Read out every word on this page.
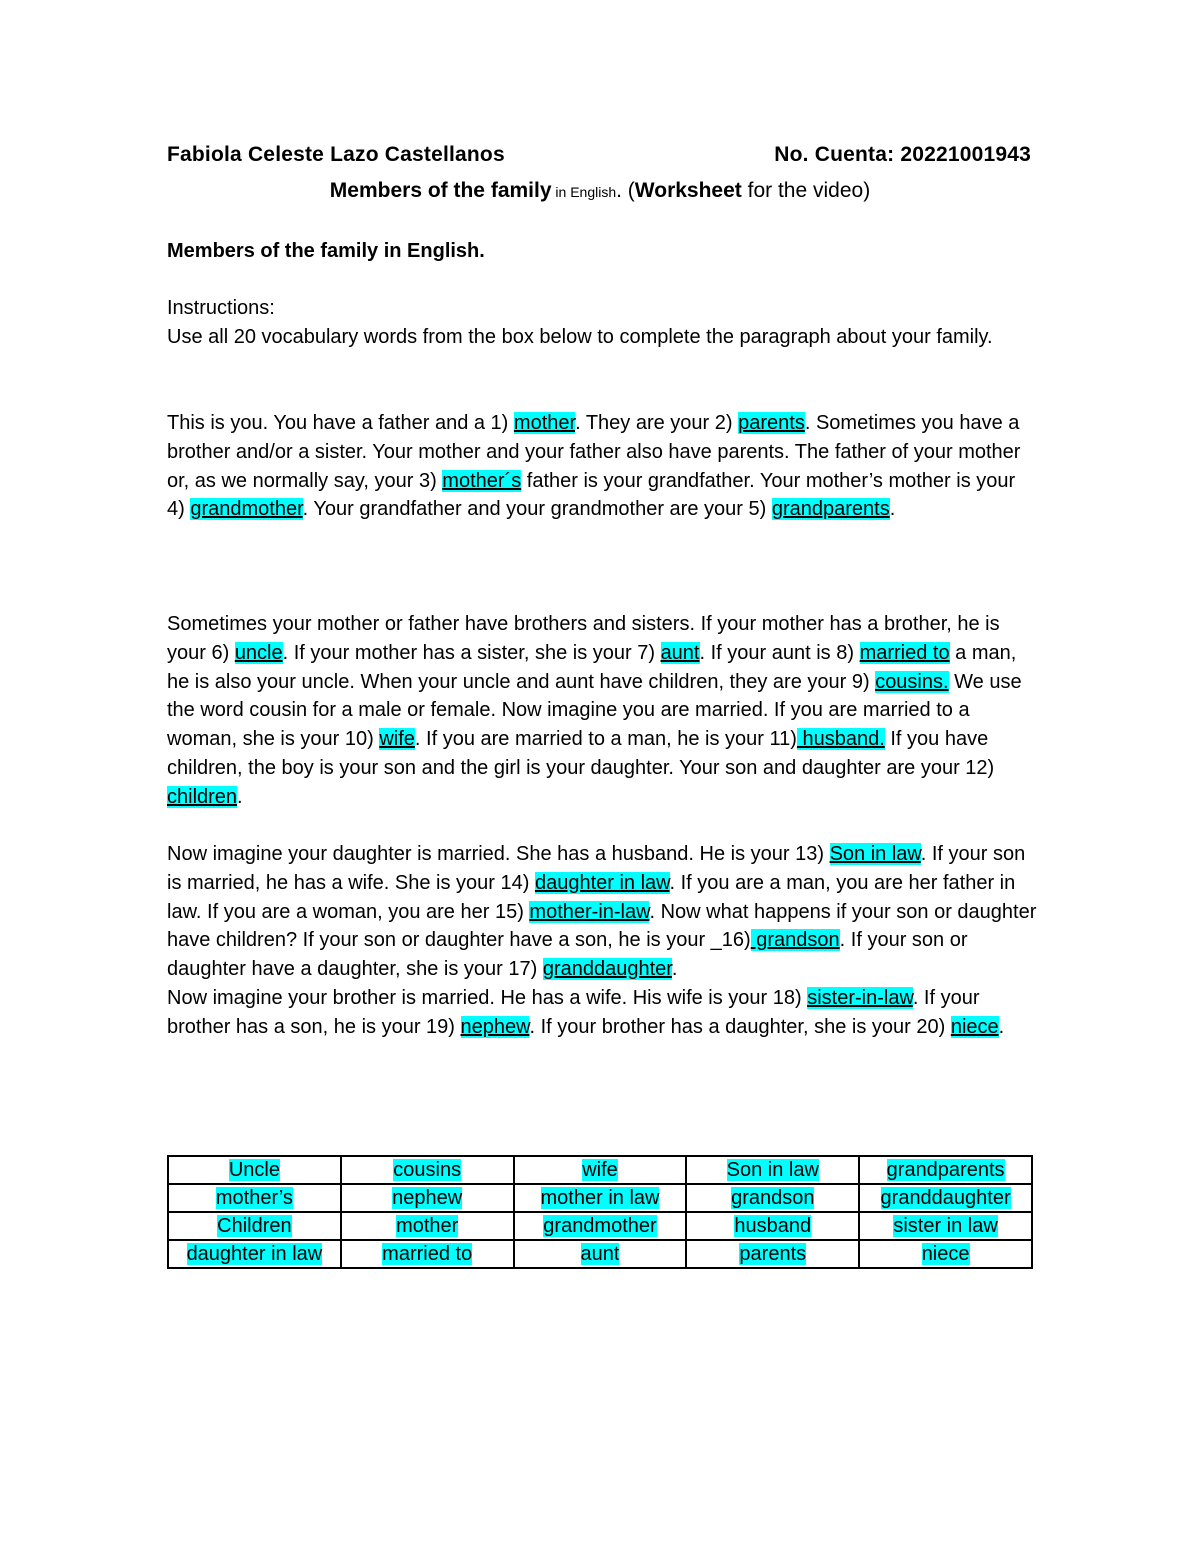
Fabiola Celeste Lazo Castellanos	No. Cuenta: 20221001943
Members of the family in English. (Worksheet for the video)
Members of the family in English.
Instructions:
Use all 20 vocabulary words from the box below to complete the paragraph about your family.
This is you. You have a father and a 1) mother. They are your 2) parents. Sometimes you have a brother and/or a sister. Your mother and your father also have parents. The father of your mother or, as we normally say, your 3) mother´s father is your grandfather. Your mother’s mother is your 4) grandmother. Your grandfather and your grandmother are your 5) grandparents.
Sometimes your mother or father have brothers and sisters. If your mother has a brother, he is your 6) uncle. If your mother has a sister, she is your 7) aunt. If your aunt is 8) married to a man, he is also your uncle. When your uncle and aunt have children, they are your 9) cousins. We use the word cousin for a male or female. Now imagine you are married. If you are married to a woman, she is your 10) wife. If you are married to a man, he is your 11) husband. If you have children, the boy is your son and the girl is your daughter. Your son and daughter are your 12) children.
Now imagine your daughter is married. She has a husband. He is your 13) Son in law. If your son is married, he has a wife. She is your 14) daughter in law. If you are a man, you are her father in law. If you are a woman, you are her 15) mother-in-law. Now what happens if your son or daughter have children? If your son or daughter have a son, he is your _16) grandson. If your son or daughter have a daughter, she is your 17) granddaughter.
Now imagine your brother is married. He has a wife. His wife is your 18) sister-in-law. If your brother has a son, he is your 19) nephew. If your brother has a daughter, she is your 20) niece.
Uncle	cousins	wife	Son in law	grandparents
mother’s	nephew	mother in law	grandson	granddaughter
Children	mother	grandmother	husband	sister in law
daughter in law	married to	aunt	parents	niece
